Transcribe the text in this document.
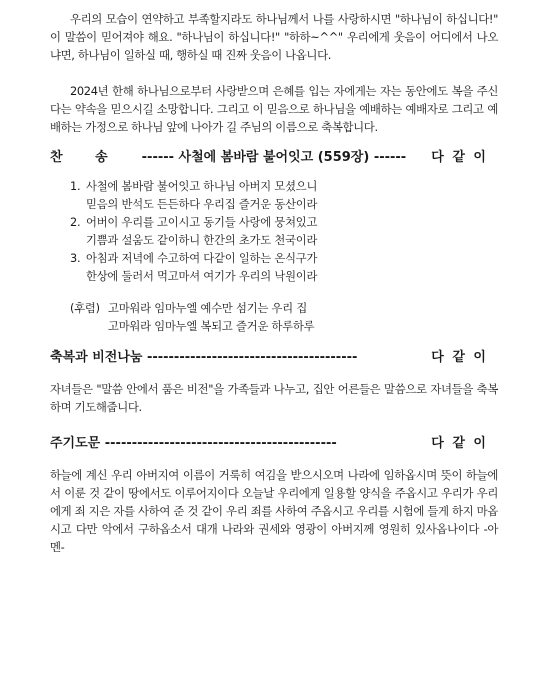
우리의 모습이 연약하고 부족할지라도 하나님께서 나를 사랑하시면 "하나님이 하십니다!" 이 말씀이 믿어져야 해요. "하나님이 하십니다!" "하하~^^" 우리에게 웃음이 어디에서 나오냐면, 하나님이 일하실 때, 행하실 때 진짜 웃음이 나옵니다.

2024년 한해 하나님으로부터 사랑받으며 은혜를 입는 자에게는 자는 동안에도 복을 주신다는 약속을 믿으시길 소망합니다. 그리고 이 믿음으로 하나님을 예배하는 예배자로 그리고 예배하는 가정으로 하나님 앞에 나아가 길 주님의 이름으로 축복합니다.

찬 송	------ 사철에 봄바람 불어잇고 (559장) ------	다 같 이
1. 사철에 봄바람 불어잇고 하나님 아버지 모셨으니
믿음의 반석도 든든하다 우리집 즐거운 동산이라
2. 어버이 우리를 고이시고 동기들 사랑에 뭉쳐있고
기쁨과 설움도 같이하니 한간의 초가도 천국이라
3. 아침과 저녁에 수고하여 다같이 일하는 온식구가
한상에 둘러서 먹고마셔 여기가 우리의 낙원이라
(후렴) 고마워라 임마누엘 예수만 섬기는 우리 집
고마워라 임마누엘 복되고 즐거운 하루하루
축복과 비전나눔 ---------------------------------------	다 같 이

자녀들은 "말씀 안에서 품은 비전"을 가족들과 나누고, 집안 어른들은 말씀으로 자녀들을 축복하며 기도해줍니다.

주기도문 -------------------------------------------	다 같 이

하늘에 계신 우리 아버지여 이름이 거룩히 여김을 받으시오며 나라에 임하옵시며 뜻이 하늘에서 이룬 것 같이 땅에서도 이루어지이다 오늘날 우리에게 일용할 양식을 주옵시고 우리가 우리에게 죄 지은 자를 사하여 준 것 같이 우리 죄를 사하여 주옵시고 우리를 시험에 들게 하지 마옵시고 다만 악에서 구하옵소서 대개 나라와 권세와 영광이 아버지께 영원히 있사옵나이다 -아멘-
